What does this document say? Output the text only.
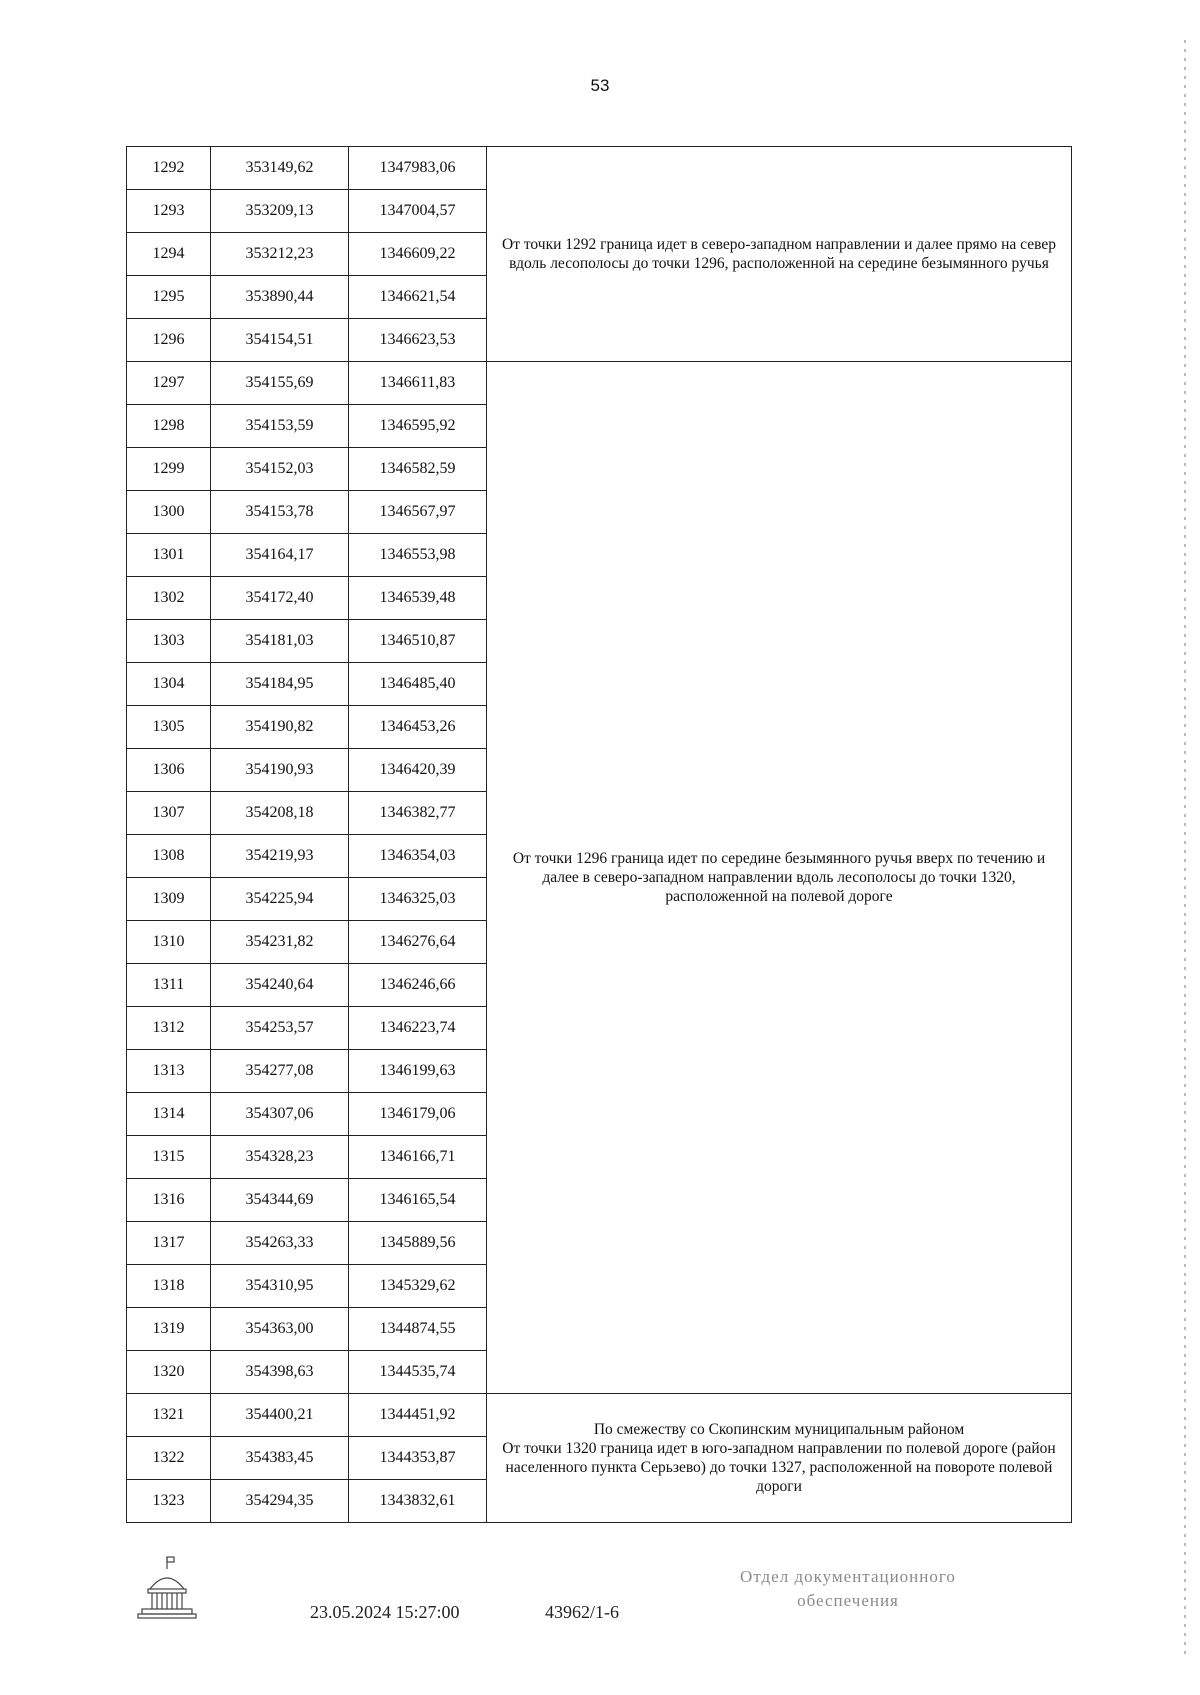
53
1292	353149,62	1347983,06	От точки 1292 граница идет в северо-западном направлении и далее прямо на север вдоль лесополосы до точки 1296, расположенной на середине безымянного ручья
1293	353209,13	1347004,57	
1294	353212,23	1346609,22	
1295	353890,44	1346621,54	
1296	354154,51	1346623,53	
1297	354155,69	1346611,83	От точки 1296 граница идет по середине безымянного ручья вверх по течению и далее в северо-западном направлении вдоль лесополосы до точки 1320, расположенной на полевой дороге
1298	354153,59	1346595,92	
1299	354152,03	1346582,59	
1300	354153,78	1346567,97	
1301	354164,17	1346553,98	
1302	354172,40	1346539,48	
1303	354181,03	1346510,87	
1304	354184,95	1346485,40	
1305	354190,82	1346453,26	
1306	354190,93	1346420,39	
1307	354208,18	1346382,77	
1308	354219,93	1346354,03	
1309	354225,94	1346325,03	
1310	354231,82	1346276,64	
1311	354240,64	1346246,66	
1312	354253,57	1346223,74	
1313	354277,08	1346199,63	
1314	354307,06	1346179,06	
1315	354328,23	1346166,71	
1316	354344,69	1346165,54	
1317	354263,33	1345889,56	
1318	354310,95	1345329,62	
1319	354363,00	1344874,55	
1320	354398,63	1344535,74	
1321	354400,21	1344451,92	По смежеству со Скопинским муниципальным районом
От точки 1320 граница идет в юго-западном направлении по полевой дороге (район населенного пункта Серьзево) до точки 1327, расположенной на повороте полевой дороги
1322	354383,45	1344353,87	
1323	354294,35	1343832,61	
23.05.2024 15:27:00	43962/1-6
Отдел документационного
обеспечения
